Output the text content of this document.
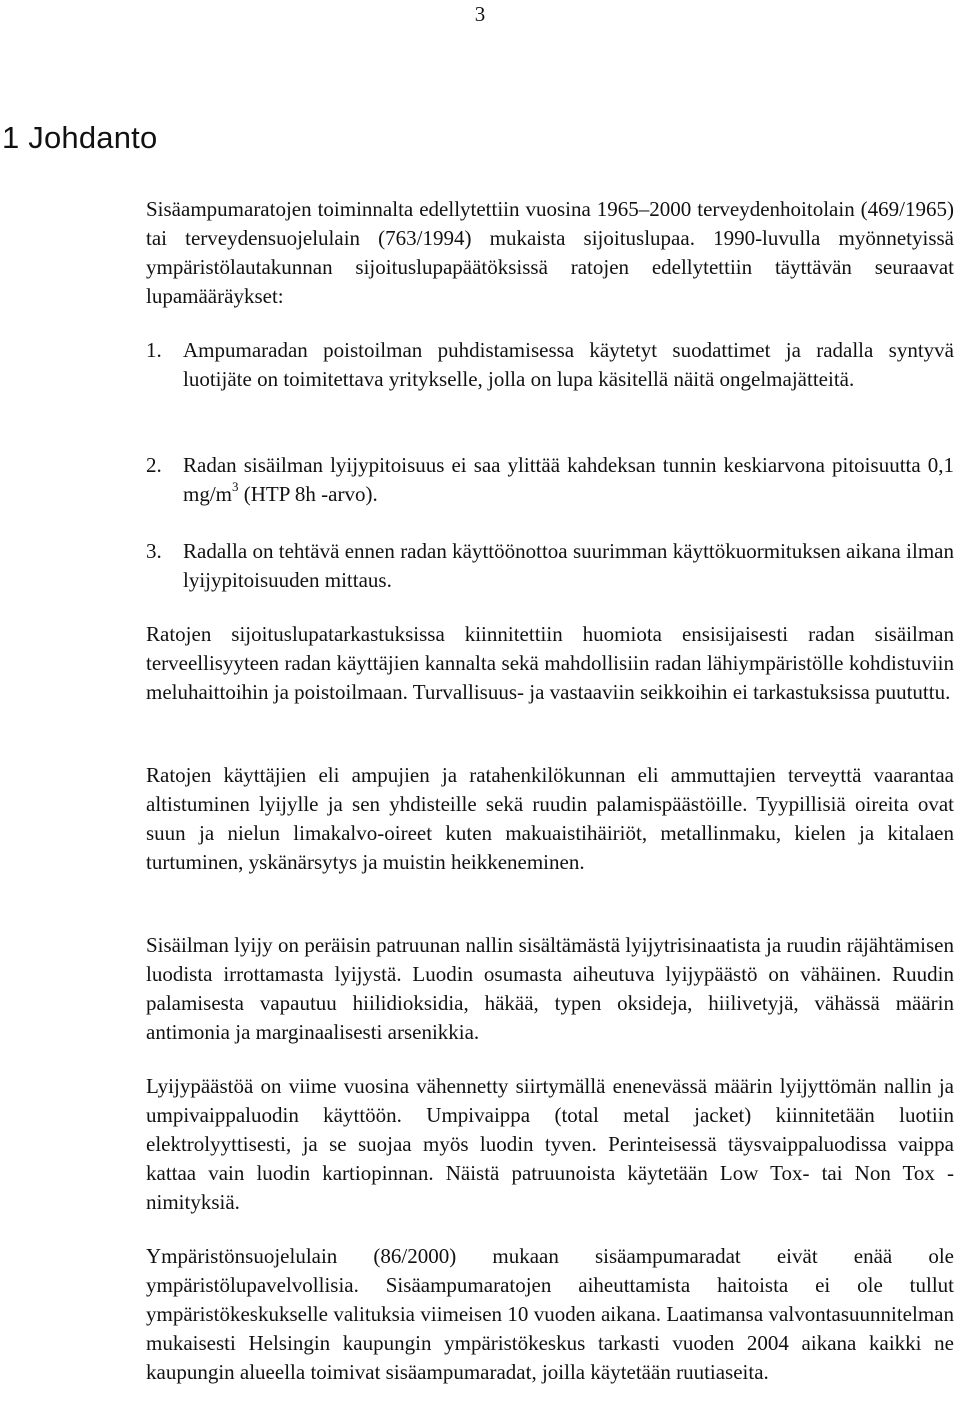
3
1 Johdanto

Sisäampumaratojen toiminnalta edellytettiin vuosina 1965–2000 terveydenhoitolain (469/1965) tai terveydensuojelulain (763/1994) mukaista sijoituslupaa. 1990-luvulla myönnetyissä ympäristölautakunnan sijoituslupapäätöksissä ratojen edellytettiin täyttävän seuraavat lupamääräykset:

1. Ampumaradan poistoilman puhdistamisessa käytetyt suodattimet ja radalla syntyvä luotijäte on toimitettava yritykselle, jolla on lupa käsitellä näitä ongelmajätteitä.
2. Radan sisäilman lyijypitoisuus ei saa ylittää kahdeksan tunnin keskiarvona pitoisuutta 0,1 $mg/m^3$ (HTP 8h -arvo).
3. Radalla on tehtävä ennen radan käyttöönottoa suurimman käyttökuormituksen aikana ilman lyijypitoisuuden mittaus.

Ratojen sijoituslupatarkastuksissa kiinnitettiin huomiota ensisijaisesti radan sisäilman terveellisyyteen radan käyttäjien kannalta sekä mahdollisiin radan lähiympäristölle kohdistuviin meluhaittoihin ja poistoilmaan. Turvallisuus- ja vastaaviin seikkoihin ei tarkastuksissa puututtu.

Ratojen käyttäjien eli ampujien ja ratahenkilökunnan eli ammuttajien terveyttä vaarantaa altistuminen lyijylle ja sen yhdisteille sekä ruudin palamispäästöille. Tyypillisiä oireita ovat suun ja nielun limakalvo-oireet kuten makuaistihäiriöt, metallinmaku, kielen ja kitalaen turtuminen, yskänärsytys ja muistin heikkeneminen.

Sisäilman lyijy on peräisin patruunan nallin sisältämästä lyijytrisinaatista ja ruudin räjähtämisen luodista irrottamasta lyijystä. Luodin osumasta aiheutuva lyijypäästö on vähäinen. Ruudin palamisesta vapautuu hiilidioksidia, häkää, typen oksideja, hiilivetyjä, vähässä määrin antimonia ja marginaalisesti arsenikkia.

Lyijypäästöä on viime vuosina vähennetty siirtymällä enenevässä määrin lyijyttömän nallin ja umpivaippaluodin käyttöön. Umpivaippa (total metal jacket) kiinnitetään luotiin elektrolyyttisesti, ja se suojaa myös luodin tyven. Perinteisessä täysvaippaluodissa vaippa kattaa vain luodin kartiopinnan. Näistä patruunoista käytetään Low Tox- tai Non Tox -nimityksiä.

Ympäristönsuojelulain (86/2000) mukaan sisäampumaradat eivät enää ole ympäristölupavelvollisia. Sisäampumaratojen aiheuttamista haitoista ei ole tullut ympäristökeskukselle valituksia viimeisen 10 vuoden aikana. Laatimansa valvontasuunnitelman mukaisesti Helsingin kaupungin ympäristökeskus tarkasti vuoden 2004 aikana kaikki ne kaupungin alueella toimivat sisäampumaradat, joilla käytetään ruutiaseita.
